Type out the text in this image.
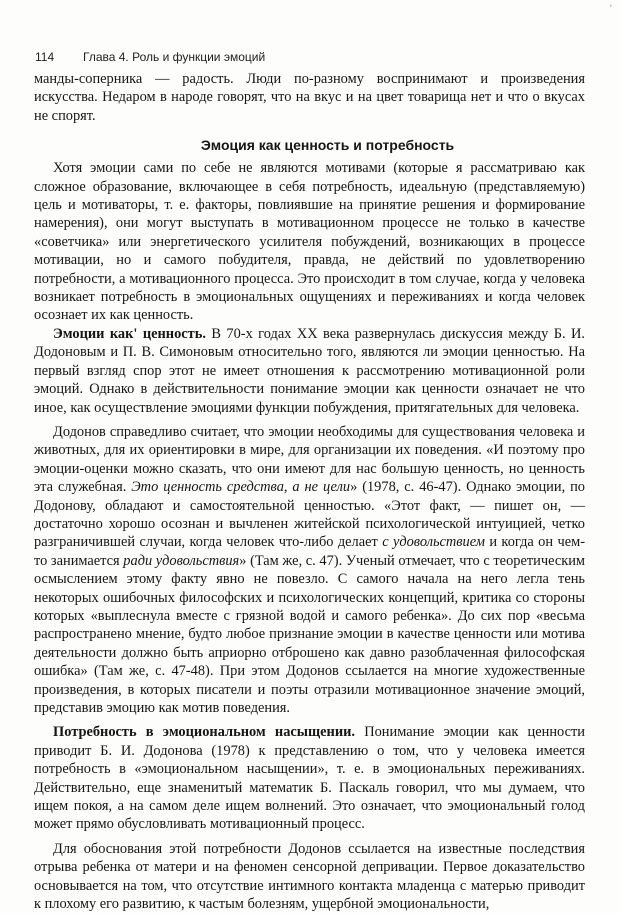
ʼ
114 Глава 4. Роль и функции эмоций

манды-соперника — радость. Люди по-разному воспринимают и произведения искусства. Недаром в народе говорят, что на вкус и на цвет товарища нет и что о вкусах не спорят.

Эмоция как ценность и потребность

Хотя эмоции сами по себе не являются мотивами (которые я рассматриваю как сложное образование, включающее в себя потребность, идеальную (представляемую) цель и мотиваторы, т. е. факторы, повлиявшие на принятие решения и формирование намерения), они могут выступать в мотивационном процессе не только в качестве «советчика» или энергетического усилителя побуждений, возникающих в процессе мотивации, но и самого побудителя, правда, не действий по удовлетворению потребности, а мотивационного процесса. Это происходит в том случае, когда у человека возникает потребность в эмоциональных ощущениях и переживаниях и когда человек осознает их как ценность.

Эмоции как' ценность. В 70-х годах XX века развернулась дискуссия между Б. И. Додоновым и П. В. Симоновым относительно того, являются ли эмоции ценностью. На первый взгляд спор этот не имеет отношения к рассмотрению мотивационной роли эмоций. Однако в действительности понимание эмоции как ценности означает не что иное, как осуществление эмоциями функции побуждения, притягательных для человека.

Додонов справедливо считает, что эмоции необходимы для существования человека и животных, для их ориентировки в мире, для организации их поведения. «И поэтому про эмоции-оценки можно сказать, что они имеют для нас большую ценность, но ценность эта служебная. Это ценность средства, а не цели» (1978, с. 46-47). Однако эмоции, по Додонову, обладают и самостоятельной ценностью. «Этот факт, — пишет он, — достаточно хорошо осознан и вычленен житейской психологической интуицией, четко разграничившей случаи, когда человек что-либо делает с удовольствием и когда он чем-то занимается ради удовольствия» (Там же, с. 47). Ученый отмечает, что с теоретическим осмыслением этому факту явно не повезло. С самого начала на него легла тень некоторых ошибочных философских и психологических концепций, критика со стороны которых «выплеснула вместе с грязной водой и самого ребенка». До сих пор «весьма распространено мнение, будто любое признание эмоции в качестве ценности или мотива деятельности должно быть априорно отброшено как давно разоблаченная философская ошибка» (Там же, с. 47-48). При этом Додонов ссылается на многие художественные произведения, в которых писатели и поэты отразили мотивационное значение эмоций, представив эмоцию как мотив поведения.

Потребность в эмоциональном насыщении. Понимание эмоции как ценности приводит Б. И. Додонова (1978) к представлению о том, что у человека имеется потребность в «эмоциональном насыщении», т. е. в эмоциональных переживаниях. Действительно, еще знаменитый математик Б. Паскаль говорил, что мы думаем, что ищем покоя, а на самом деле ищем волнений. Это означает, что эмоциональный голод может прямо обусловливать мотивационный процесс.

Для обоснования этой потребности Додонов ссылается на известные последствия отрыва ребенка от матери и на феномен сенсорной депривации. Первое доказательство основывается на том, что отсутствие интимного контакта младенца с матерью приводит к плохому его развитию, к частым болезням, ущербной эмоциональности,
